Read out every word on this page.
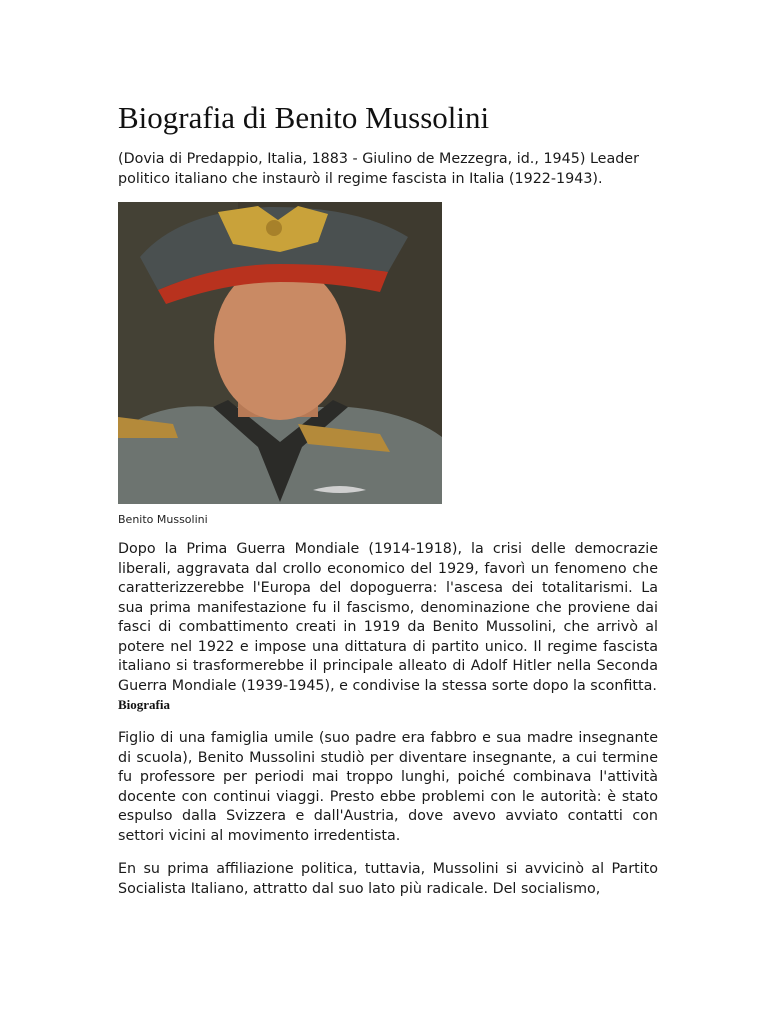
Biografia di Benito Mussolini

(Dovia di Predappio, Italia, 1883 - Giulino de Mezzegra, id., 1945) Leader politico italiano che instaurò il regime fascista in Italia (1922-1943).

Benito Mussolini

Dopo la Prima Guerra Mondiale (1914-1918), la crisi delle democrazie liberali, aggravata dal crollo economico del 1929, favorì un fenomeno che caratterizzerebbe l'Europa del dopoguerra: l'ascesa dei totalitarismi. La sua prima manifestazione fu il fascismo, denominazione che proviene dai fasci di combattimento creati in 1919 da Benito Mussolini, che arrivò al potere nel 1922 e impose una dittatura di partito unico. Il regime fascista italiano si trasformerebbe il principale alleato di Adolf Hitler nella Seconda Guerra Mondiale (1939-1945), e condivise la stessa sorte dopo la sconfitta.

Biografia

Figlio di una famiglia umile (suo padre era fabbro e sua madre insegnante di scuola), Benito Mussolini studiò per diventare insegnante, a cui termine fu professore per periodi mai troppo lunghi, poiché combinava l'attività docente con continui viaggi. Presto ebbe problemi con le autorità: è stato espulso dalla Svizzera e dall'Austria, dove avevo avviato contatti con settori vicini al movimento irredentista.

En su prima affiliazione politica, tuttavia, Mussolini si avvicinò al Partito Socialista Italiano, attratto dal suo lato più radicale. Del socialismo,
